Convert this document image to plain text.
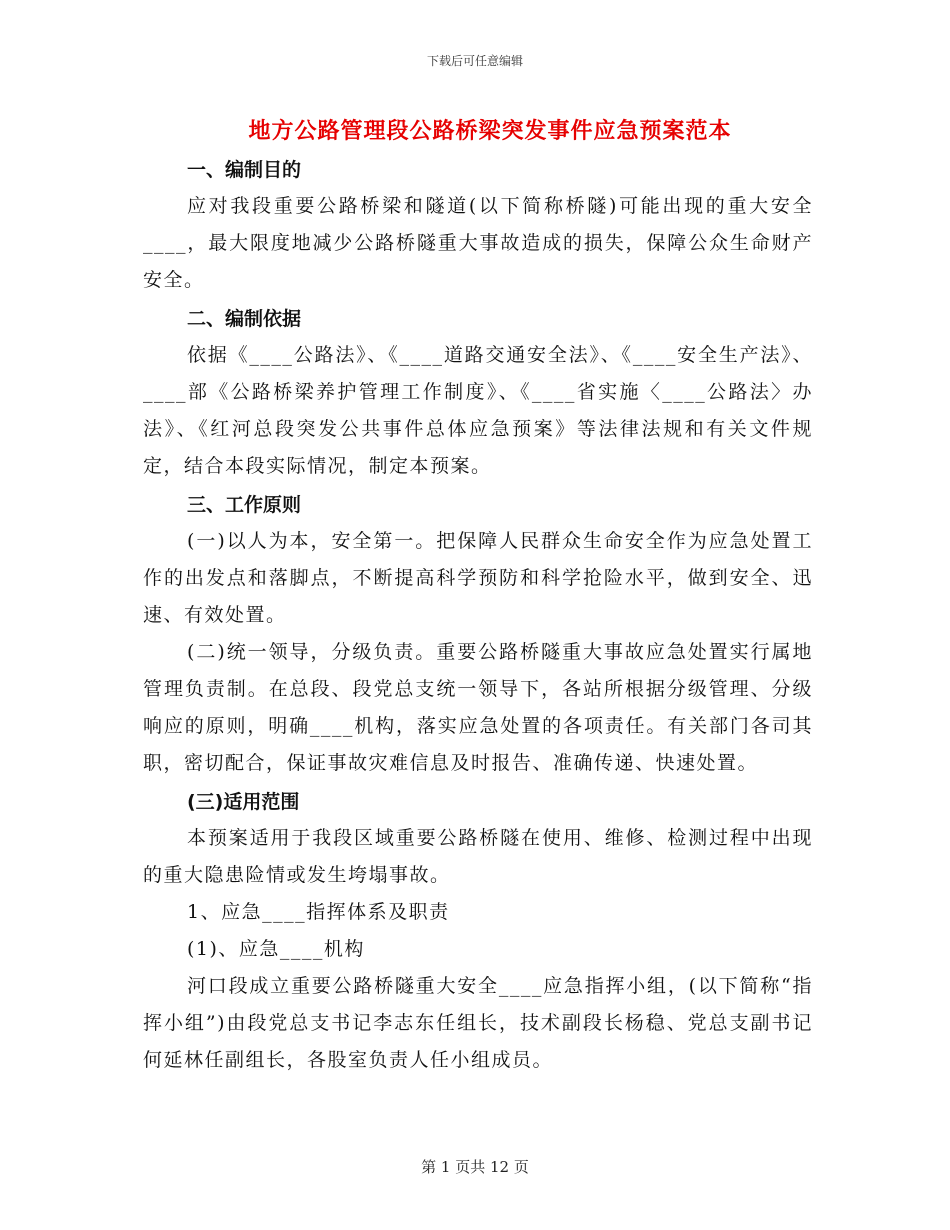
下载后可任意编辑
地方公路管理段公路桥梁突发事件应急预案范本
一、编制目的
应对我段重要公路桥梁和隧道(以下简称桥隧)可能出现的重大安全____，最大限度地减少公路桥隧重大事故造成的损失，保障公众生命财产安全。
二、编制依据
依据《____公路法》、《____道路交通安全法》、《____安全生产法》、____部《公路桥梁养护管理工作制度》、《____省实施〈____公路法〉办法》、《红河总段突发公共事件总体应急预案》等法律法规和有关文件规定，结合本段实际情况，制定本预案。
三、工作原则
(一)以人为本，安全第一。把保障人民群众生命安全作为应急处置工作的出发点和落脚点，不断提高科学预防和科学抢险水平，做到安全、迅速、有效处置。
(二)统一领导，分级负责。重要公路桥隧重大事故应急处置实行属地管理负责制。在总段、段党总支统一领导下，各站所根据分级管理、分级响应的原则，明确____机构，落实应急处置的各项责任。有关部门各司其职，密切配合，保证事故灾难信息及时报告、准确传递、快速处置。
(三)适用范围
本预案适用于我段区域重要公路桥隧在使用、维修、检测过程中出现的重大隐患险情或发生垮塌事故。
1、应急____指挥体系及职责
(1)、应急____机构
河口段成立重要公路桥隧重大安全____应急指挥小组，(以下简称“指挥小组”)由段党总支书记李志东任组长，技术副段长杨稳、党总支副书记何延林任副组长，各股室负责人任小组成员。
第 1 页共 12 页
